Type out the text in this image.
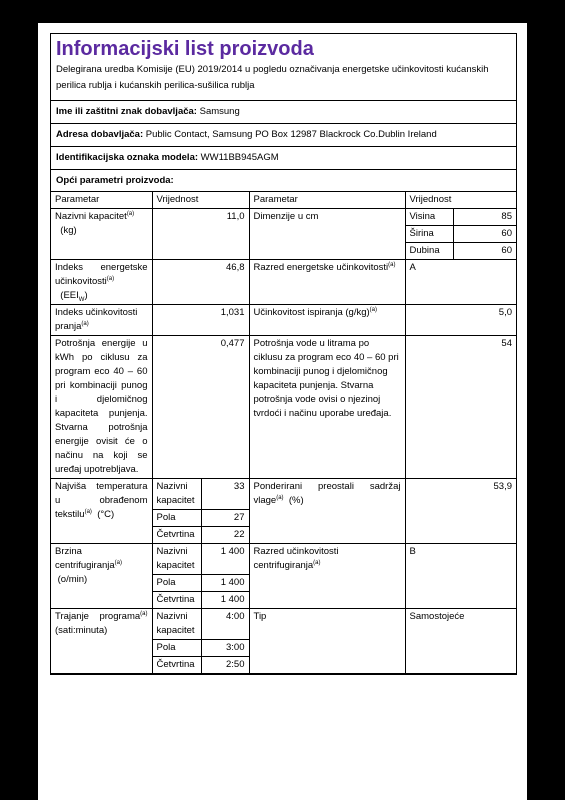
Informacijski list proizvoda
Delegirana uredba Komisije (EU) 2019/2014 u pogledu označivanja energetske učinkovitosti kućanskih perilica rublja i kućanskih perilica-sušilica rublja
Ime ili zaštitni znak dobavljača: Samsung
Adresa dobavljača: Public Contact, Samsung PO Box 12987 Blackrock Co.Dublin Ireland
Identifikacijska oznaka modela: WW11BB945AGM
Opći parametri proizvoda:
Parametar	Vrijednost		Parametar	Vrijednost	
Nazivni kapacitet$^{(a)}$
(kg)	11,0		Dimenzije u cm	Visina	85
				Širina	60
				Dubina	60
Indeks energetske učinkovitosti$^{(a)}$
$(EEI_W)$	46,8		Razred energetske učinkovitosti$^{(a)}$	A	
Indeks učinkovitosti pranja$^{(a)}$	1,031		Učinkovitost ispiranja $(g/kg)^{(a)}$	5,0	
Potrošnja energije u kWh po ciklusu za program eco 40 – 60 pri kombinaciji punog i djelomičnog kapaciteta punjenja. Stvarna potrošnja energije ovisit će o načinu na koji se uređaj upotrebljava.	0,477		Potrošnja vode u litrama po ciklusu za program eco 40 – 60 pri kombinaciji punog i djelomičnog kapaciteta punjenja. Stvarna potrošnja vode ovisi o njezinoj tvrdoći i načinu uporabe uređaja.	54	
Najviša temperatura u obrađenom tekstilu$^{(a)}$ (°C)	Nazivni kapacitet	33	Ponderirani preostali sadržaj vlage$^{(a)}$ (%)	53,9	
	Pola	27			
	Četvrtina	22			
Brzina centrifugiranja$^{(a)}$  (o/min)	Nazivni kapacitet	1 400	Razred učinkovitosti centrifugiranja$^{(a)}$	B	
	Pola	1 400			
	Četvrtina	1 400			
Trajanje programa$^{(a)}$ (sati:minuta)	Nazivni kapacitet	4:00	Tip	Samostojeće	
	Pola	3:00			
	Četvrtina	2:50			
